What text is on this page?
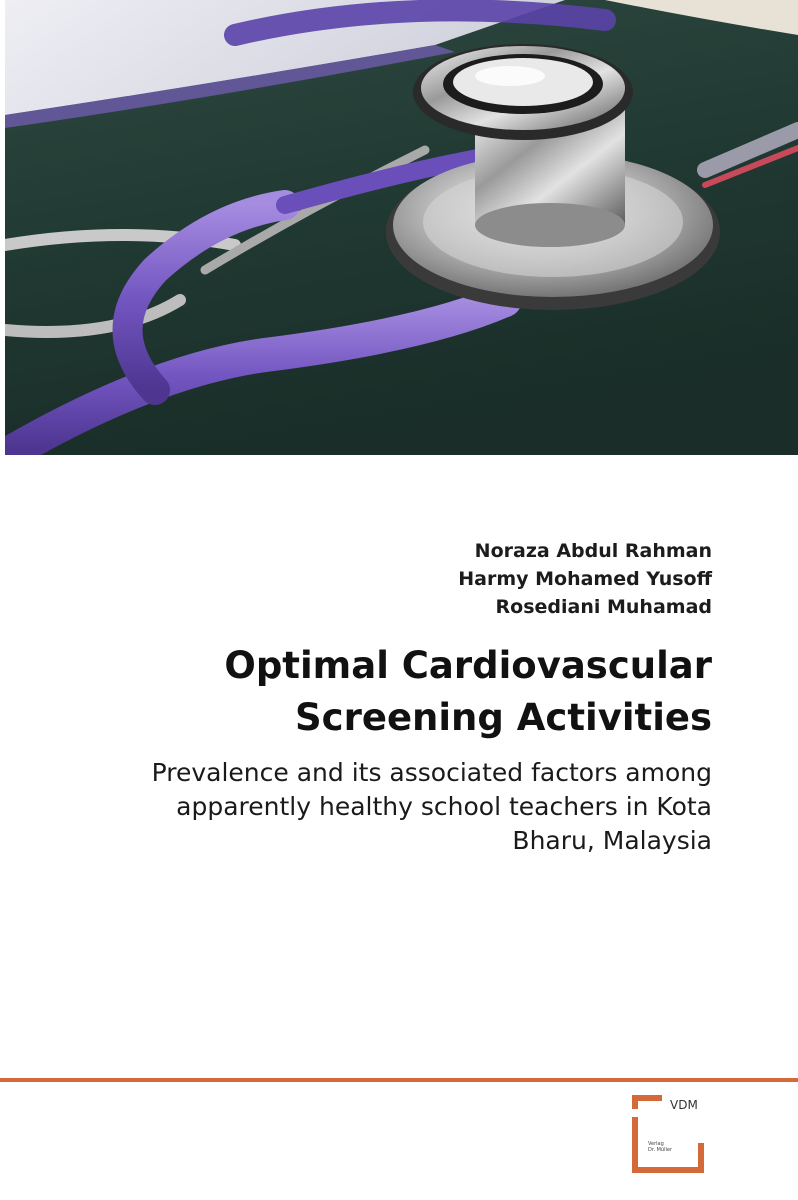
Noraza Abdul Rahman
Harmy Mohamed Yusoff
Rosediani Muhamad
Optimal Cardiovascular
Screening Activities
Prevalence and its associated factors among
apparently healthy school teachers in Kota
Bharu, Malaysia
VDM
Verlag
Dr. Müller
